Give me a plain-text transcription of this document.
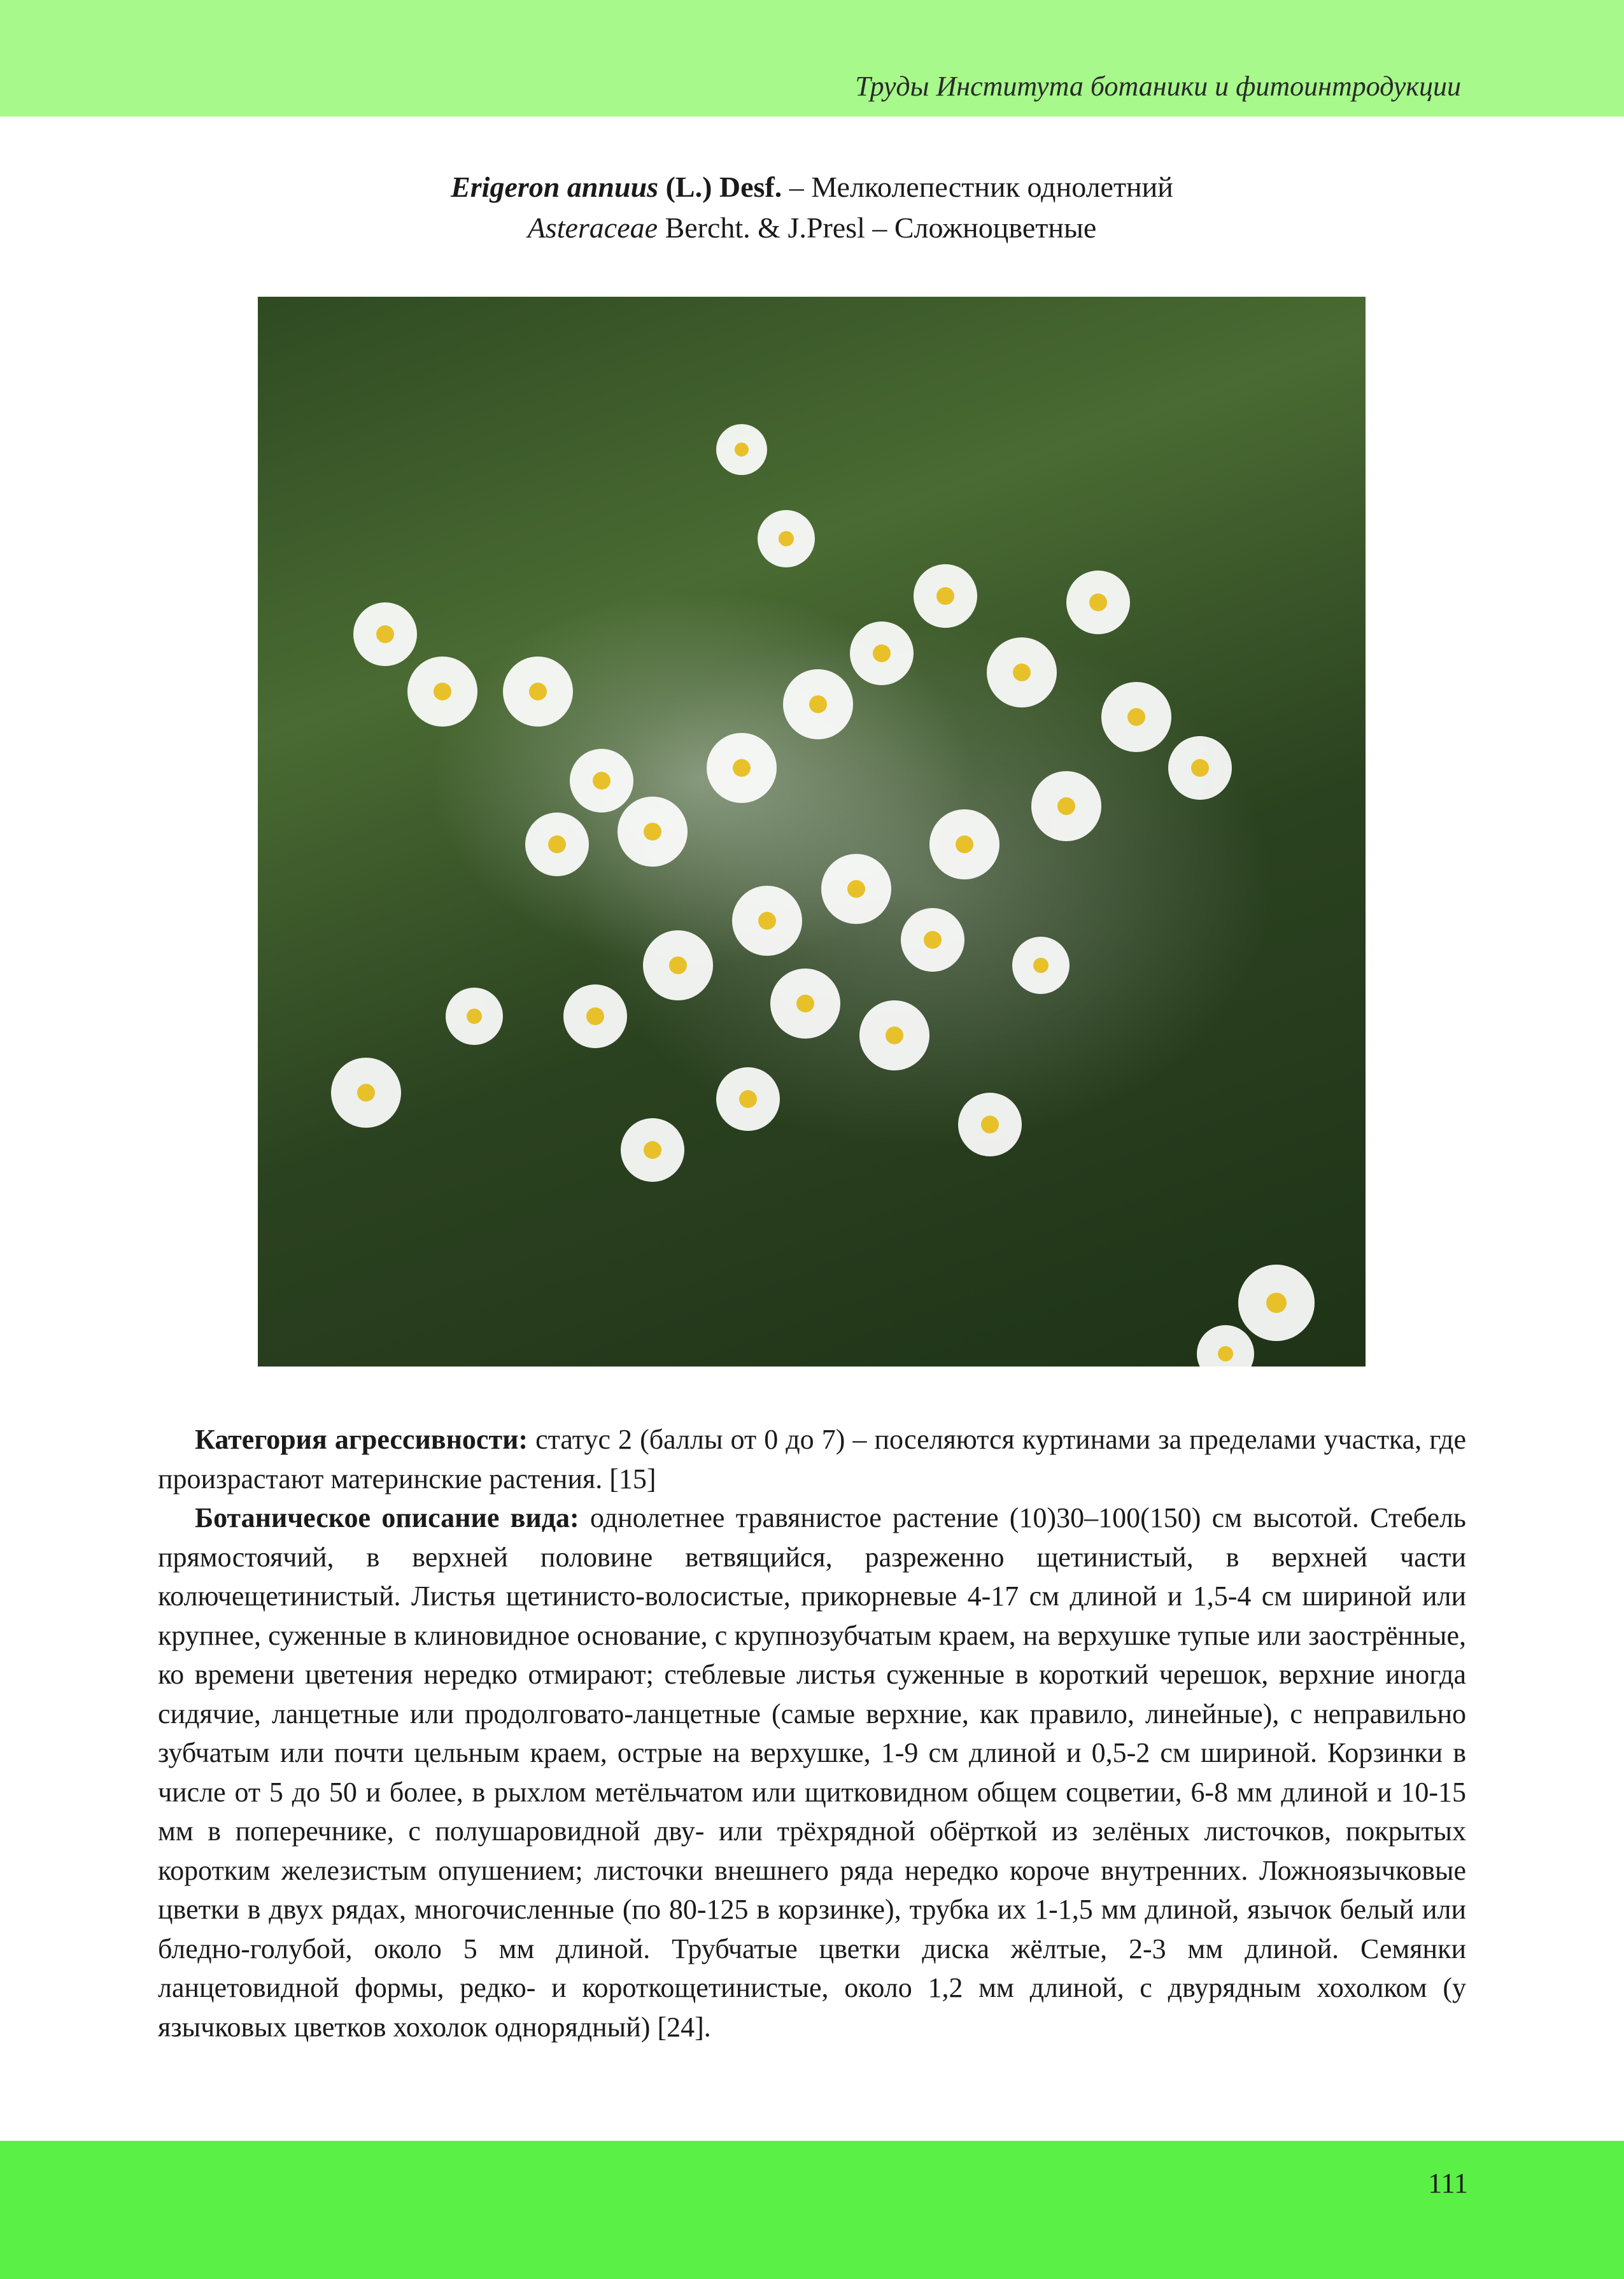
Труды Института ботаники и фитоинтродукции
Erigeron annuus (L.) Desf. – Мелколепестник однолетний
Asteraceae Bercht. & J.Presl – Сложноцветные

Категория агрессивности: статус 2 (баллы от 0 до 7) – поселяются куртинами за пределами участка, где произрастают материнские растения. [15]

Ботаническое описание вида: однолетнее травянистое растение (10)30–100(150) см высотой. Стебель прямостоячий, в верхней половине ветвящийся, разреженно щетинистый, в верхней части колючещетинистый. Листья щетинисто-волосистые, прикорневые 4-17 см длиной и 1,5-4 см шириной или крупнее, суженные в клиновидное основание, с крупнозубчатым краем, на верхушке тупые или заострённые, ко времени цветения нередко отмирают; стеблевые листья суженные в короткий черешок, верхние иногда сидячие, ланцетные или продолговато-ланцетные (самые верхние, как правило, линейные), с неправильно зубчатым или почти цельным краем, острые на верхушке, 1-9 см длиной и 0,5-2 см шириной. Корзинки в числе от 5 до 50 и более, в рыхлом метёльчатом или щитковидном общем соцветии, 6-8 мм длиной и 10-15 мм в поперечнике, с полушаровидной дву- или трёхрядной обёрткой из зелёных листочков, покрытых коротким железистым опушением; листочки внешнего ряда нередко короче внутренних. Ложноязычковые цветки в двух рядах, многочисленные (по 80-125 в корзинке), трубка их 1-1,5 мм длиной, язычок белый или бледно-голубой, около 5 мм длиной. Трубчатые цветки диска жёлтые, 2-3 мм длиной. Семянки ланцетовидной формы, редко- и короткощетинистые, около 1,2 мм длиной, с двурядным хохолком (у язычковых цветков хохолок однорядный) [24].

111
